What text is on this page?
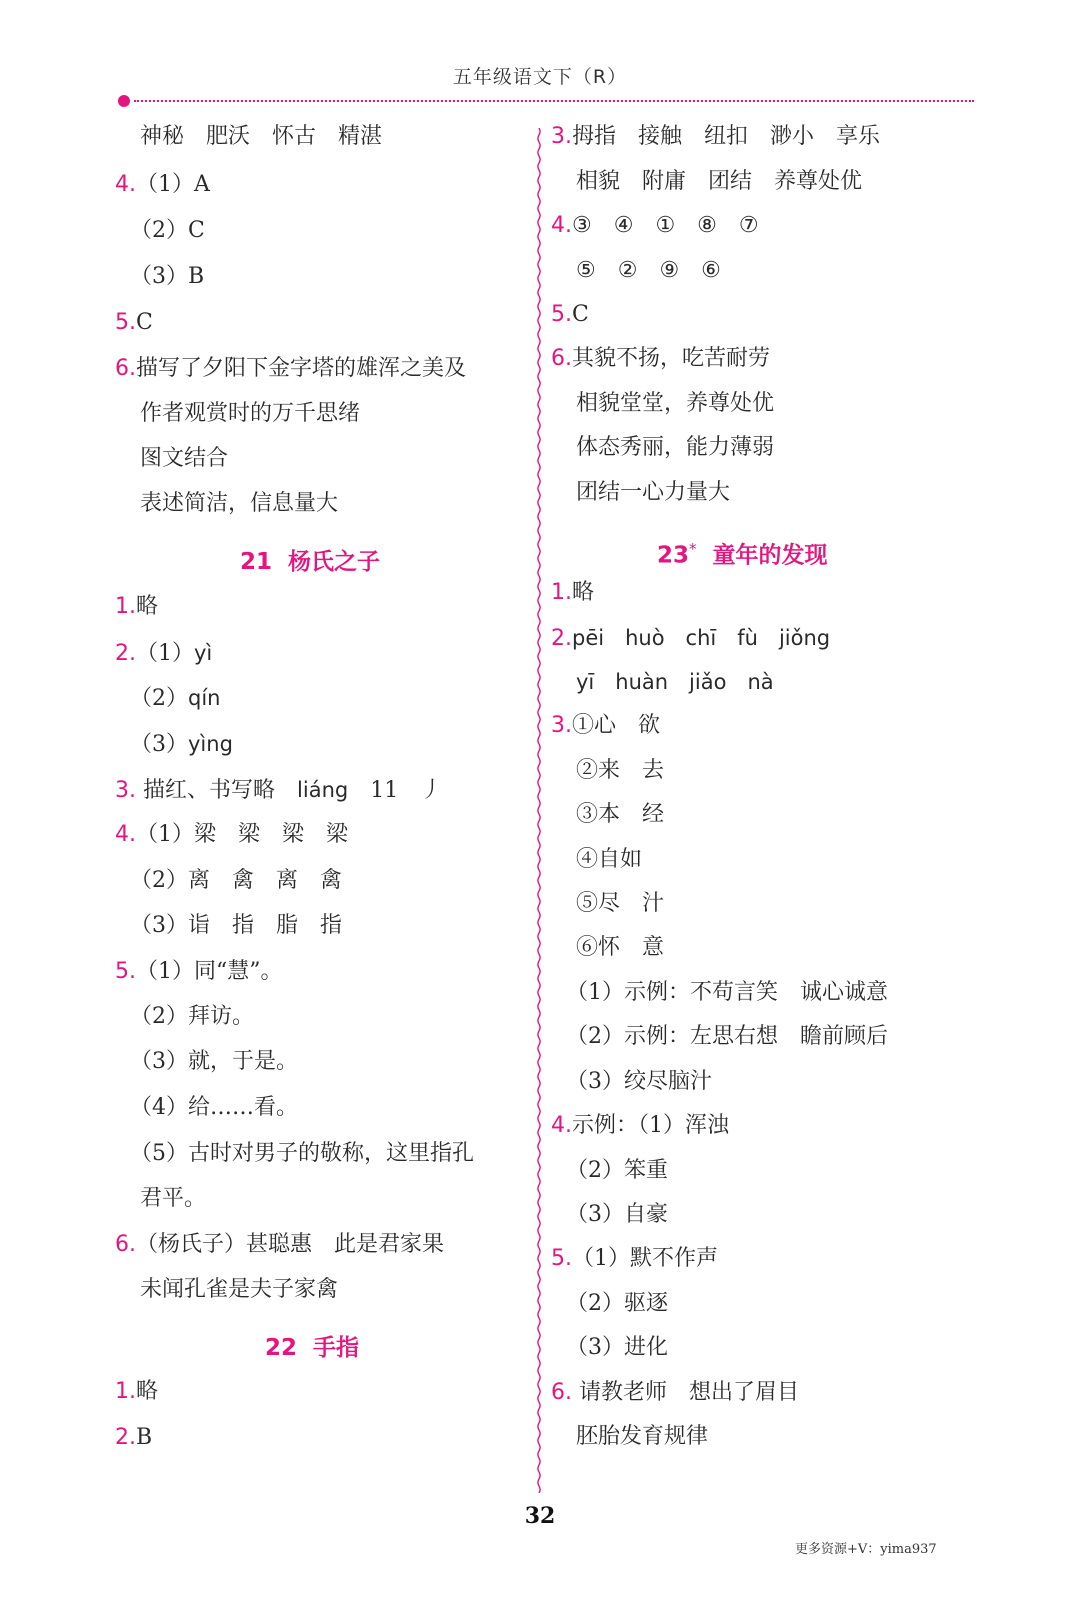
五年级语文下（R）
神秘　肥沃　怀古　精湛
4.（1）A
（2）C
（3）B
5.C
6.描写了夕阳下金字塔的雄浑之美及
作者观赏时的万千思绪
图文结合
表述简洁，信息量大
21  杨氏之子
1.略
2.（1）yì
（2）qín
（3）yìng
3. 描红、书写略　 liáng　 11　丿
4.（1）梁　梁　梁　梁
（2）离　禽　离　禽
（3）诣　指　脂　指
5.（1）同“慧”。
（2）拜访。
（3）就，于是。
（4）给……看。
（5）古时对男子的敬称，这里指孔
君平。
6.（杨氏子）甚聪惠　此是君家果
未闻孔雀是夫子家禽
22  手指
1.略
2.B
3.拇指　接触　纽扣　渺小　享乐
相貌　附庸　团结　养尊处优
4.③　④　①　⑧　⑦
⑤　②　⑨　⑥
5.C
6.其貌不扬，吃苦耐劳
相貌堂堂，养尊处优
体态秀丽，能力薄弱
团结一心力量大
23*  童年的发现
1.略
2.pēi　huò　chī　fù　jiǒng
yī　huàn　jiǎo　nà
3.①心　欲
②来　去
③本　经
④自如
⑤尽　汁
⑥怀　意
（1）示例：不苟言笑　诚心诚意
（2）示例：左思右想　瞻前顾后
（3）绞尽脑汁
4.示例：（1）浑浊
（2）笨重
（3）自豪
5.（1）默不作声
（2）驱逐
（3）进化
6. 请教老师　想出了眉目
胚胎发育规律
32
更多资源+V：yima937
